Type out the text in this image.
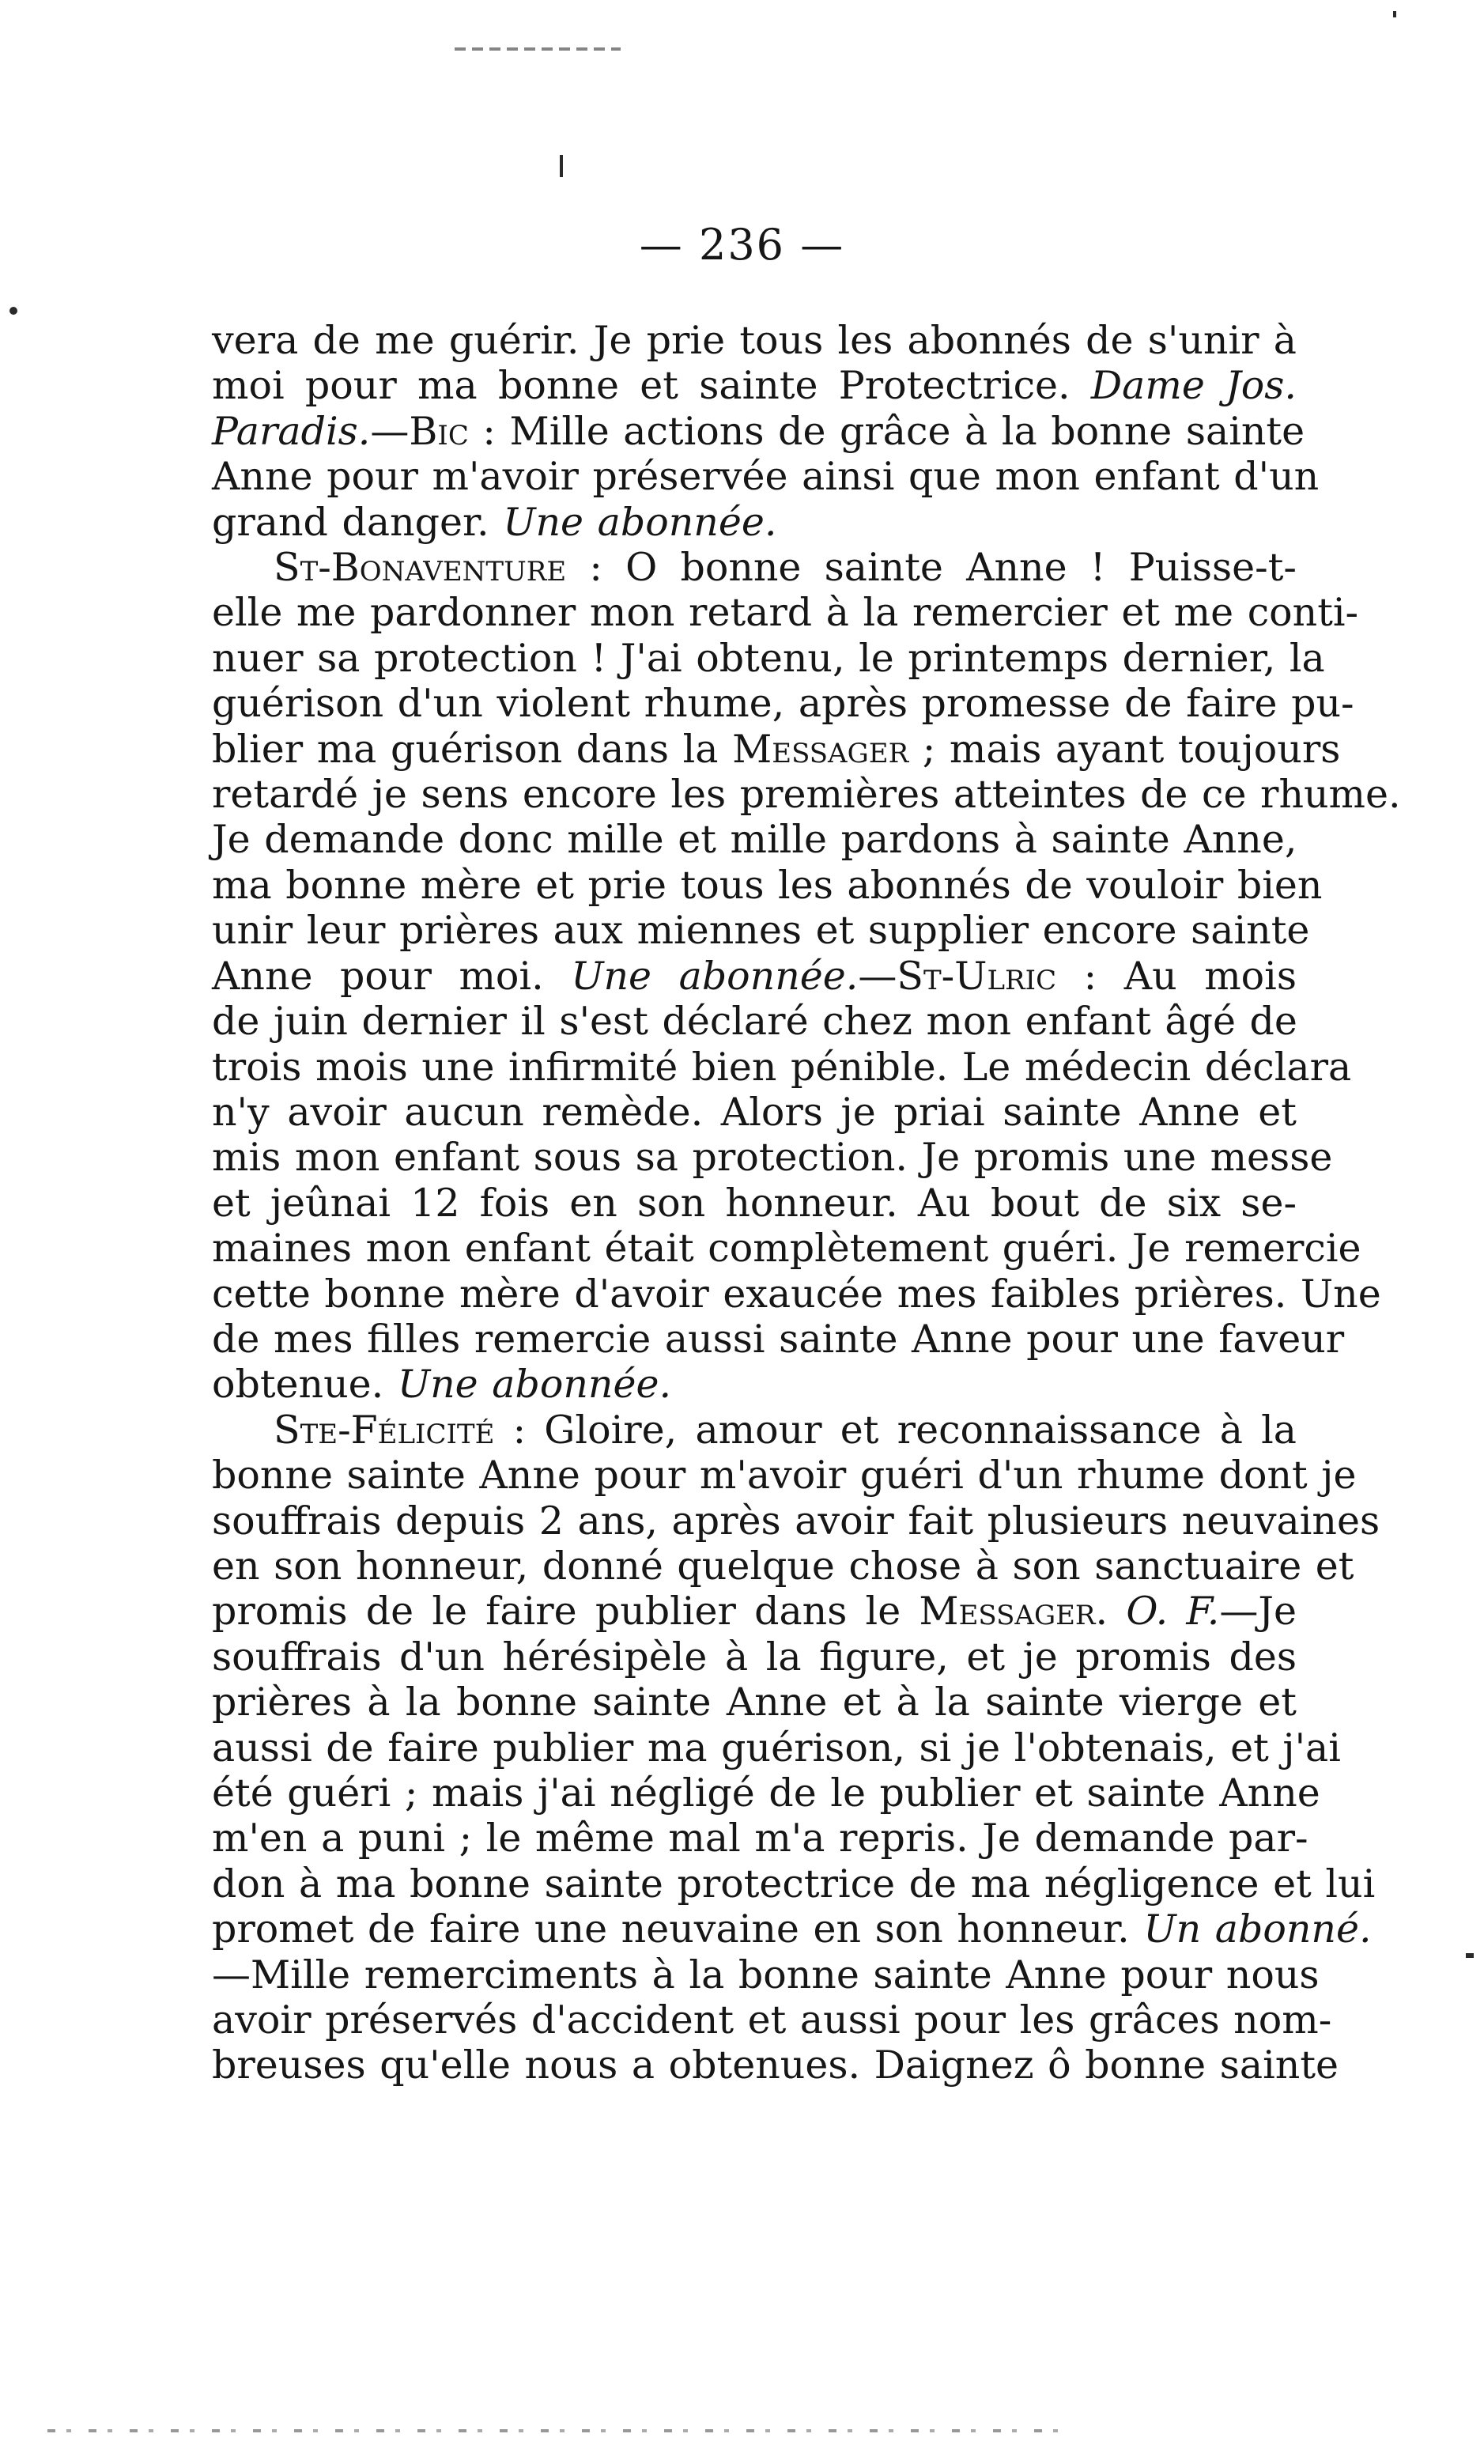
— 236 —
vera de me guérir. Je prie tous les abonnés de s'unir à
moi pour ma bonne et sainte Protectrice. Dame Jos.
Paradis.—Bic : Mille actions de grâce à la bonne sainte
Anne pour m'avoir préservée ainsi que mon enfant d'un
grand danger. Une abonnée.
St-Bonaventure : O bonne sainte Anne ! Puisse-t-
elle me pardonner mon retard à la remercier et me conti-
nuer sa protection ! J'ai obtenu, le printemps dernier, la
guérison d'un violent rhume, après promesse de faire pu-
blier ma guérison dans la Messager ; mais ayant toujours
retardé je sens encore les premières atteintes de ce rhume.
Je demande donc mille et mille pardons à sainte Anne,
ma bonne mère et prie tous les abonnés de vouloir bien
unir leur prières aux miennes et supplier encore sainte
Anne pour moi. Une abonnée.—St-Ulric : Au mois
de juin dernier il s'est déclaré chez mon enfant âgé de
trois mois une infirmité bien pénible. Le médecin déclara
n'y avoir aucun remède. Alors je priai sainte Anne et
mis mon enfant sous sa protection. Je promis une messe
et jeûnai 12 fois en son honneur. Au bout de six se-
maines mon enfant était complètement guéri. Je remercie
cette bonne mère d'avoir exaucée mes faibles prières. Une
de mes filles remercie aussi sainte Anne pour une faveur
obtenue. Une abonnée.
Ste-Félicité : Gloire, amour et reconnaissance à la
bonne sainte Anne pour m'avoir guéri d'un rhume dont je
souffrais depuis 2 ans, après avoir fait plusieurs neuvaines
en son honneur, donné quelque chose à son sanctuaire et
promis de le faire publier dans le Messager. O. F.—Je
souffrais d'un hérésipèle à la figure, et je promis des
prières à la bonne sainte Anne et à la sainte vierge et
aussi de faire publier ma guérison, si je l'obtenais, et j'ai
été guéri ; mais j'ai négligé de le publier et sainte Anne
m'en a puni ; le même mal m'a repris. Je demande par-
don à ma bonne sainte protectrice de ma négligence et lui
promet de faire une neuvaine en son honneur. Un abonné.
—Mille remerciments à la bonne sainte Anne pour nous
avoir préservés d'accident et aussi pour les grâces nom-
breuses qu'elle nous a obtenues. Daignez ô bonne sainte
